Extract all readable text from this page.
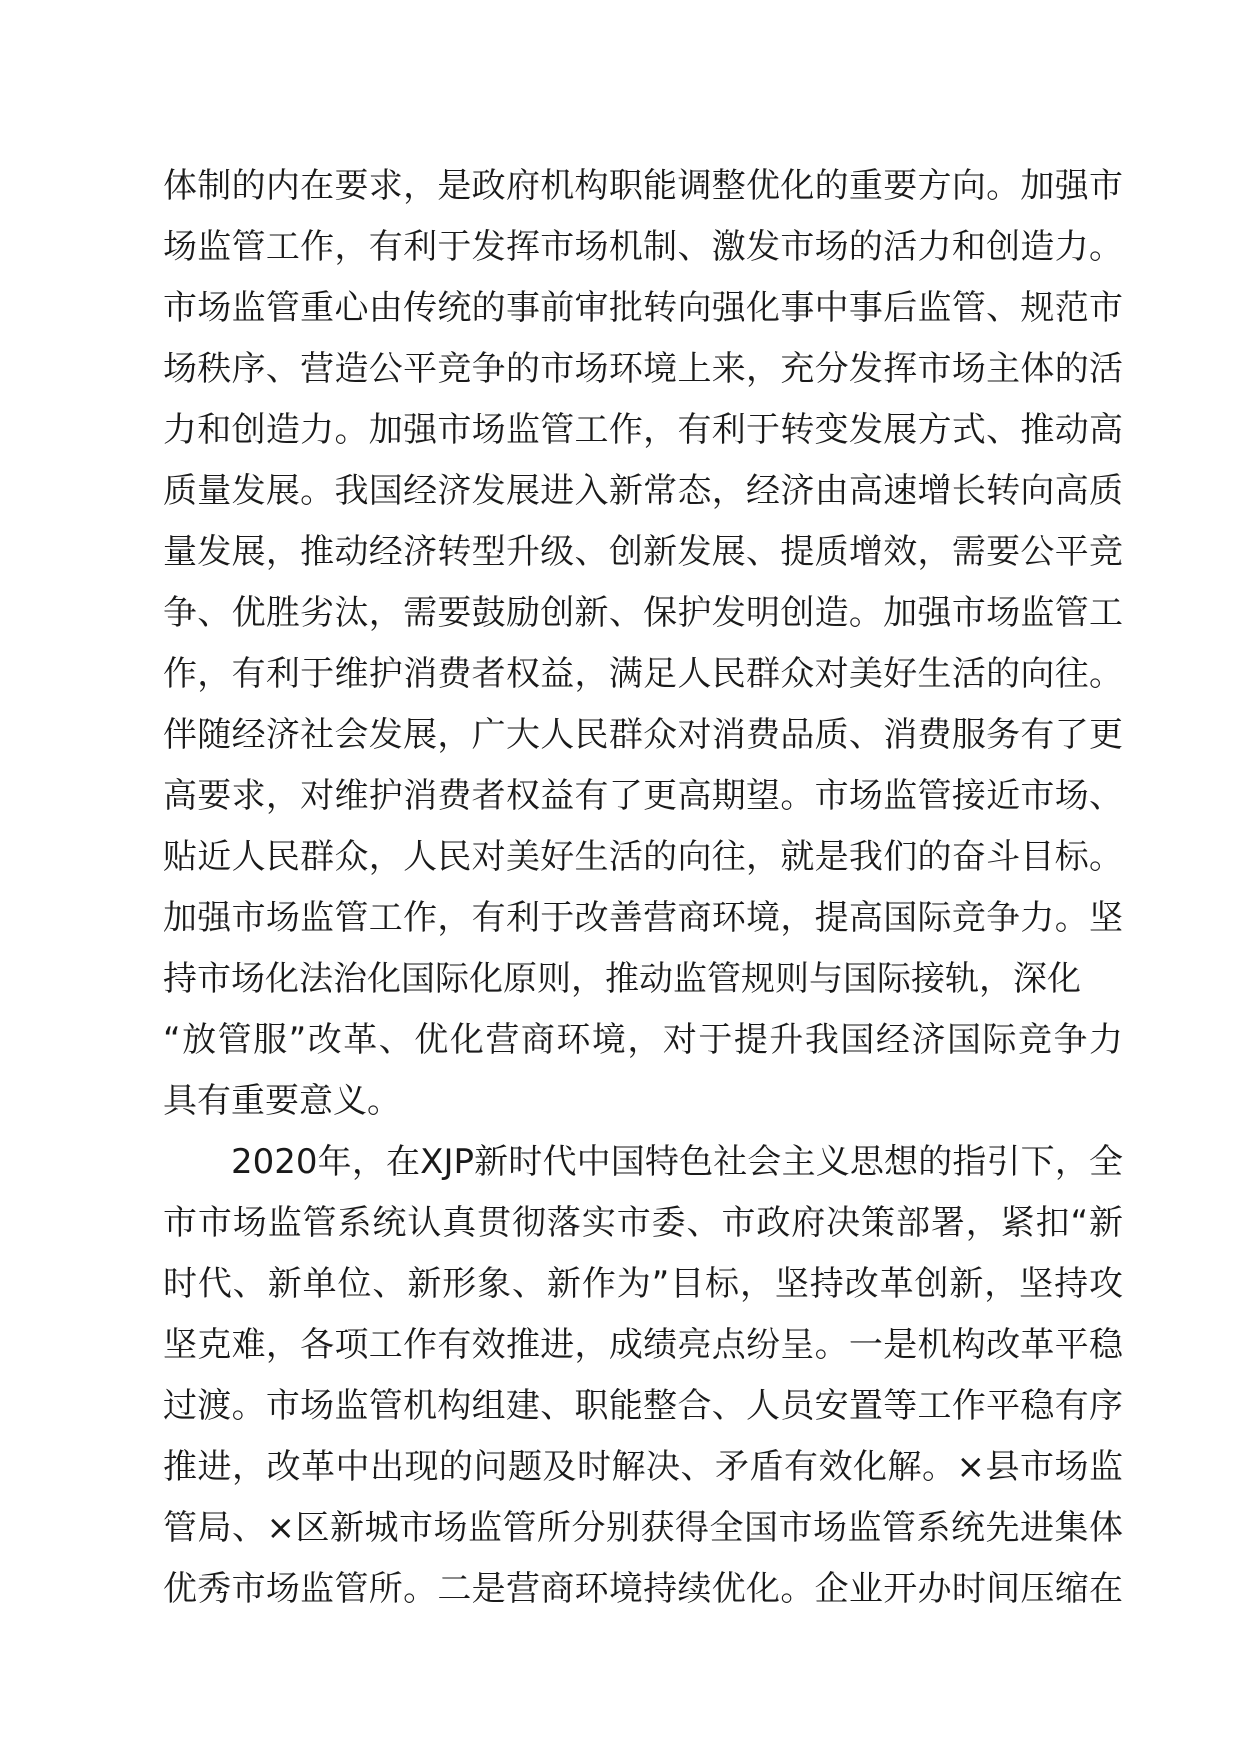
体制的内在要求，是政府机构职能调整优化的重要方向。加强市
场监管工作，有利于发挥市场机制、激发市场的活力和创造力。
市场监管重心由传统的事前审批转向强化事中事后监管、规范市
场秩序、营造公平竞争的市场环境上来，充分发挥市场主体的活
力和创造力。加强市场监管工作，有利于转变发展方式、推动高
质量发展。我国经济发展进入新常态，经济由高速增长转向高质
量发展，推动经济转型升级、创新发展、提质增效，需要公平竞
争、优胜劣汰，需要鼓励创新、保护发明创造。加强市场监管工
作，有利于维护消费者权益，满足人民群众对美好生活的向往。
伴随经济社会发展，广大人民群众对消费品质、消费服务有了更
高要求，对维护消费者权益有了更高期望。市场监管接近市场、
贴近人民群众，人民对美好生活的向往，就是我们的奋斗目标。
加强市场监管工作，有利于改善营商环境，提高国际竞争力。坚
持市场化法治化国际化原则，推动监管规则与国际接轨，深化
“放管服”改革、优化营商环境，对于提升我国经济国际竞争力
具有重要意义。
2020年，在XJP新时代中国特色社会主义思想的指引下，全
市市场监管系统认真贯彻落实市委、市政府决策部署，紧扣“新
时代、新单位、新形象、新作为”目标，坚持改革创新，坚持攻
坚克难，各项工作有效推进，成绩亮点纷呈。一是机构改革平稳
过渡。市场监管机构组建、职能整合、人员安置等工作平稳有序
推进，改革中出现的问题及时解决、矛盾有效化解。×县市场监
管局、×区新城市场监管所分别获得全国市场监管系统先进集体
优秀市场监管所。二是营商环境持续优化。企业开办时间压缩在
